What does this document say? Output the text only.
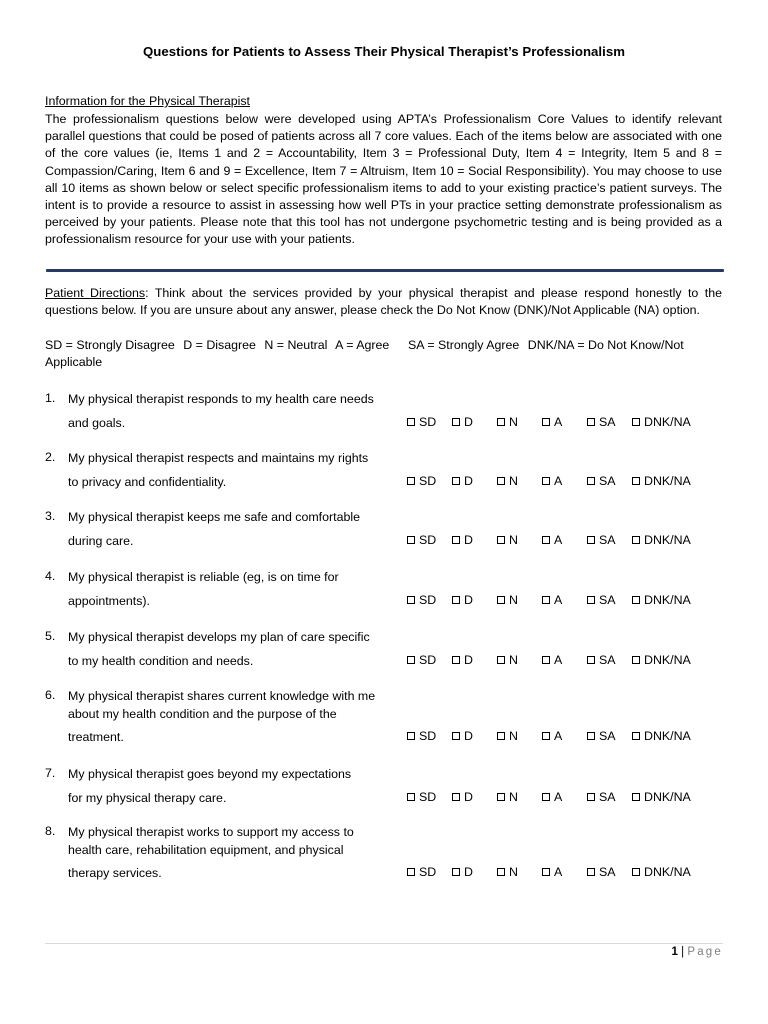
Questions for Patients to Assess Their Physical Therapist’s Professionalism
Information for the Physical Therapist
The professionalism questions below were developed using APTA’s Professionalism Core Values to identify relevant parallel questions that could be posed of patients across all 7 core values. Each of the items below are associated with one of the core values (ie, Items 1 and 2 = Accountability, Item 3 = Professional Duty, Item 4 = Integrity, Item 5 and 8 = Compassion/Caring, Item 6 and 9 = Excellence, Item 7 = Altruism, Item 10 = Social Responsibility). You may choose to use all 10 items as shown below or select specific professionalism items to add to your existing practice’s patient surveys. The intent is to provide a resource to assist in assessing how well PTs in your practice setting demonstrate professionalism as perceived by your patients. Please note that this tool has not undergone psychometric testing and is being provided as a professionalism resource for your use with your patients.
Patient Directions: Think about the services provided by your physical therapist and please respond honestly to the questions below. If you are unsure about any answer, please check the Do Not Know (DNK)/Not Applicable (NA) option.
SD = Strongly Disagree D = Disagree N = Neutral A = Agree SA = Strongly Agree DNK/NA = Do Not Know/Not Applicable
1.	My physical therapist responds to my health care needs
and goals.	SD D	N	A	SA DNK/NA
2.	My physical therapist respects and maintains my rights
to privacy and confidentiality.	SD D	N	A	SA DNK/NA
3.	My physical therapist keeps me safe and comfortable
during care.	SD D	N	A	SA DNK/NA
4.	My physical therapist is reliable (eg, is on time for
appointments).	SD D	N	A	SA DNK/NA
5.	My physical therapist develops my plan of care specific
to my health condition and needs.	SD D	N	A	SA DNK/NA
6.	My physical therapist shares current knowledge with me
about my health condition and the purpose of the
treatment.	SD D	N	A	SA DNK/NA
7.	My physical therapist goes beyond my expectations
for my physical therapy care.	SD D	N	A	SA DNK/NA
8.	My physical therapist works to support my access to
health care, rehabilitation equipment, and physical
therapy services.	SD D	N	A	SA DNK/NA
1 | Page
